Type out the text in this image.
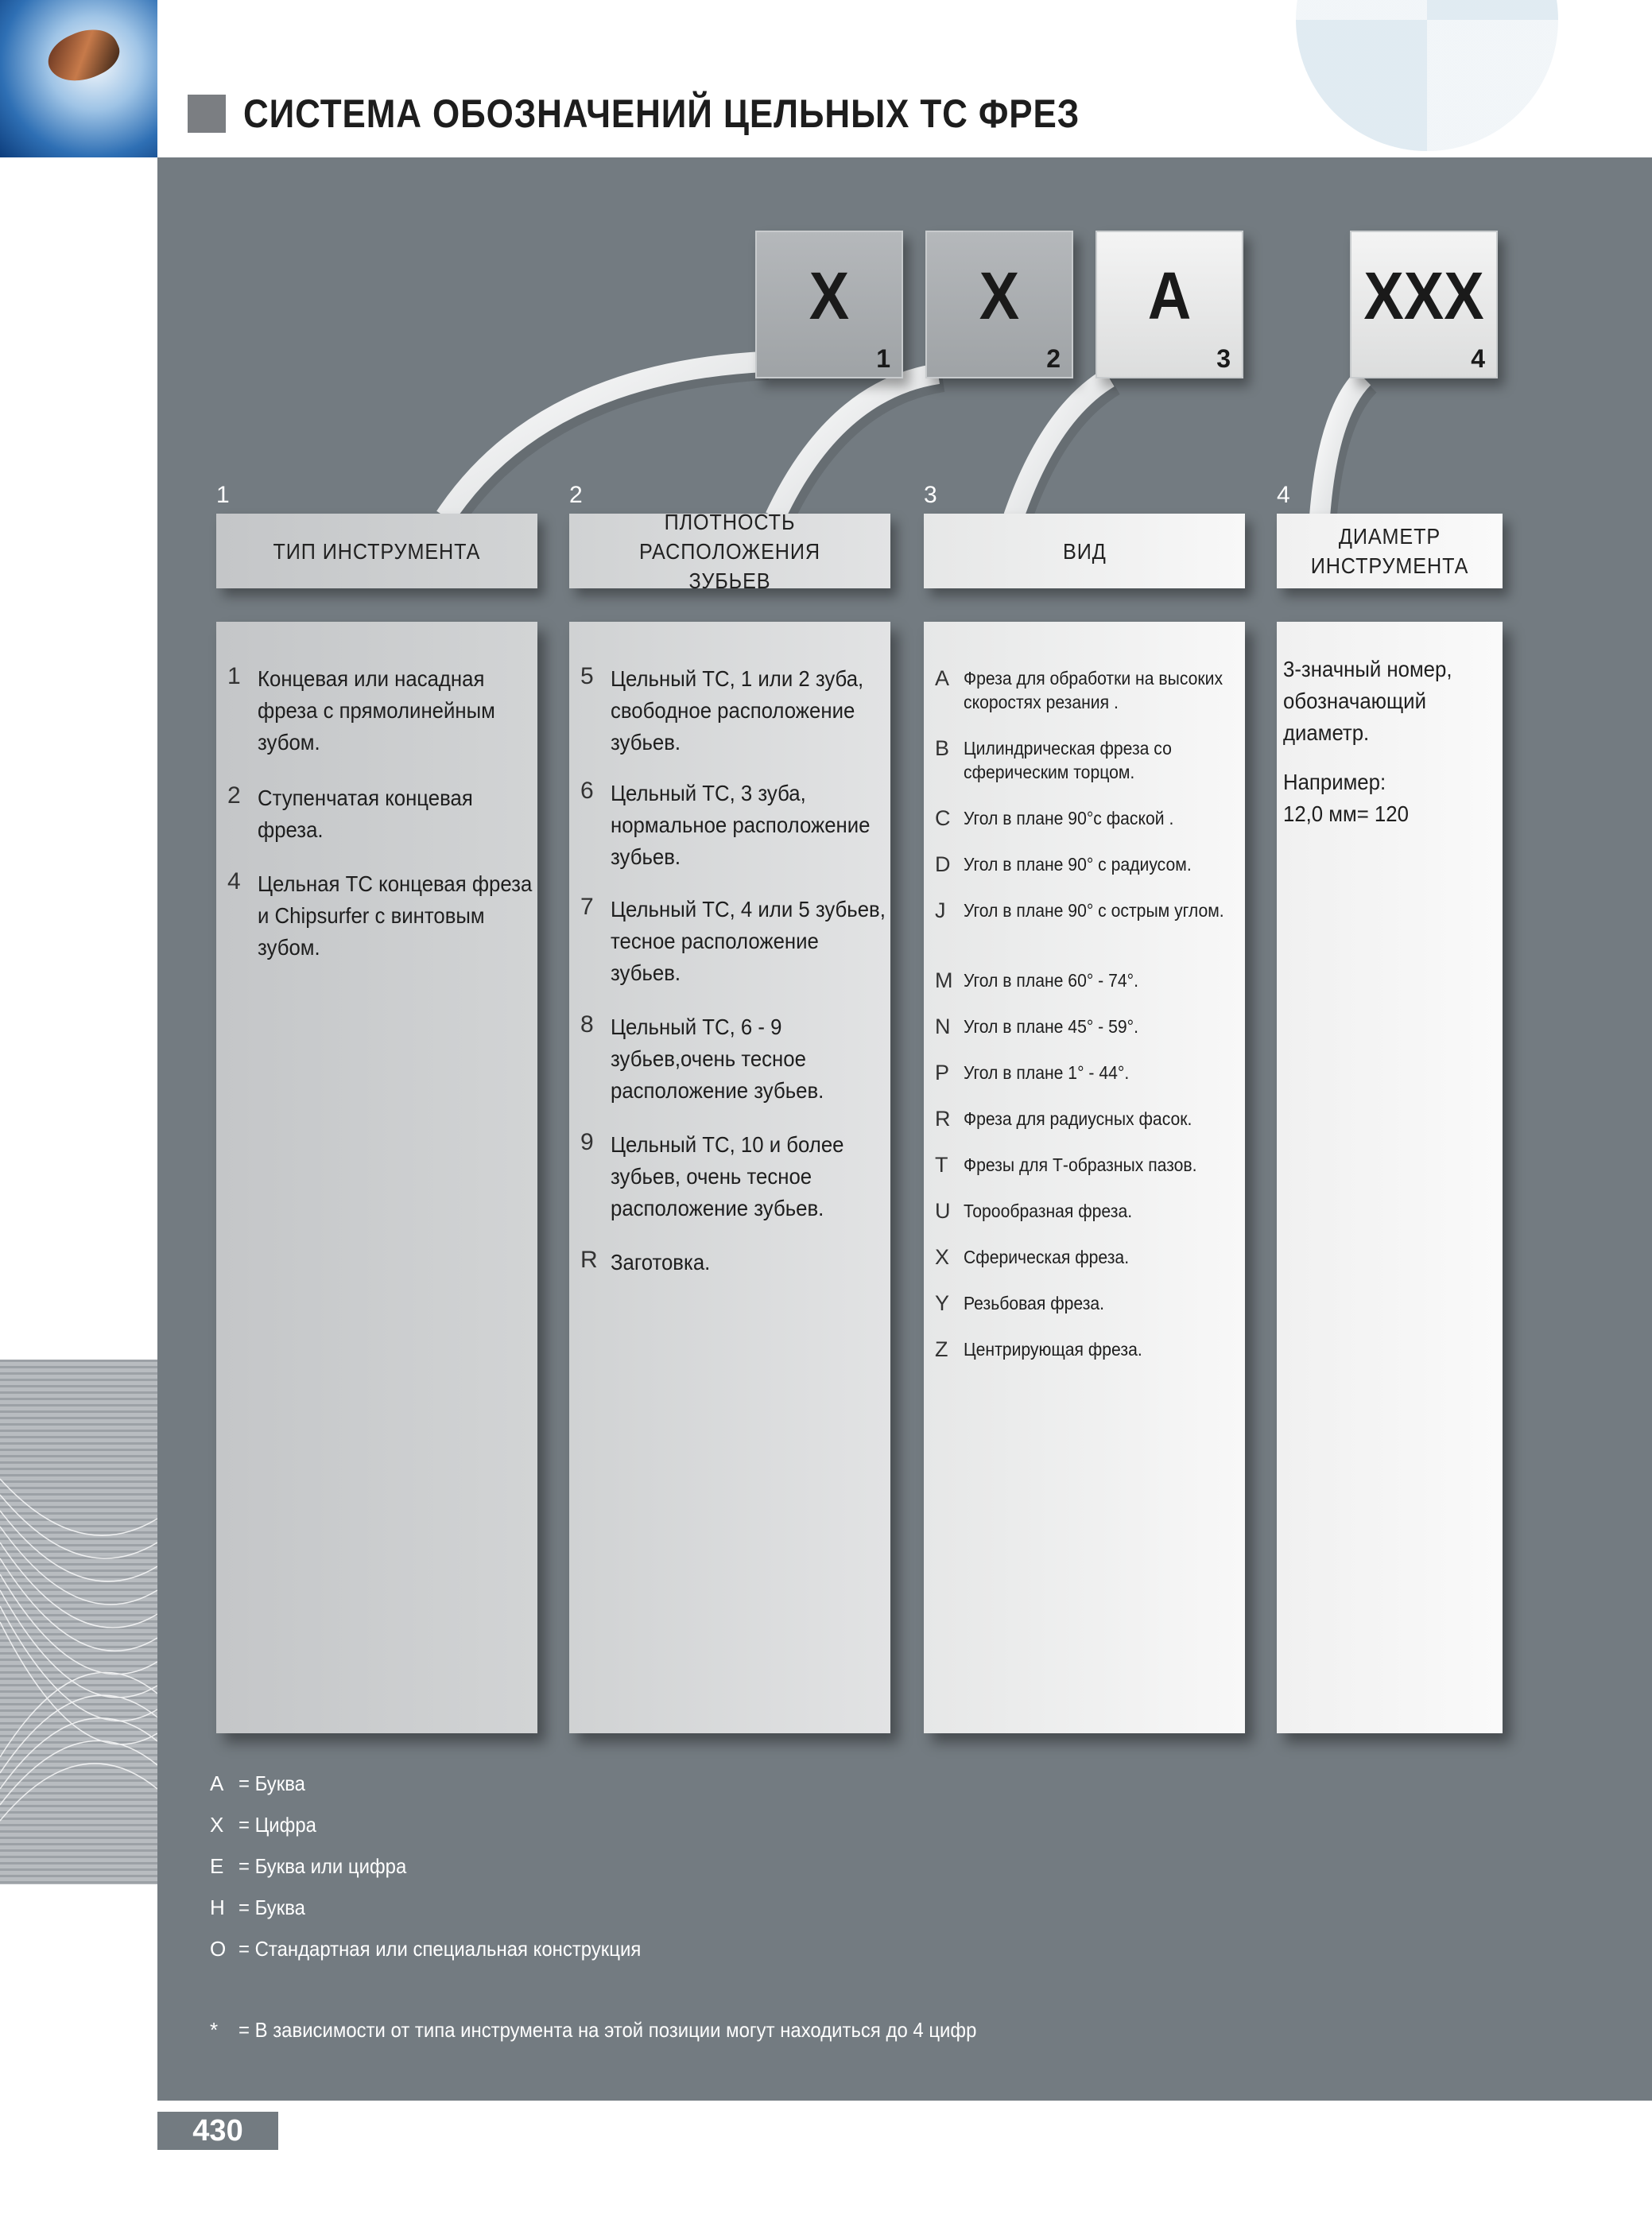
СИСТЕМА ОБОЗНАЧЕНИЙ ЦЕЛЬНЫХ ТС ФРЕЗ
X
1
X
2
A
3
XXX
4
1	2	3	4
ТИП ИНСТРУМЕНТА
ПЛОТНОСТЬ РАСПОЛОЖЕНИЯ ЗУБЬЕВ
ВИД
ДИАМЕТР ИНСТРУМЕНТА
1 Концевая или насадная фреза с прямолинейным зубом.
2 Ступенчатая концевая фреза.
4 Цельная ТС концевая фреза и Chipsurfer с винтовым зубом.
5 Цельный ТС, 1 или 2 зуба, свободное расположение зубьев.
6 Цельный ТС, 3 зуба, нормальное расположение зубьев.
7 Цельный ТС, 4 или 5 зубьев, тесное расположение зубьев.
8 Цельный ТС, 6 - 9 зубьев,очень тесное расположение зубьев.
9 Цельный ТС, 10 и более зубьев, очень тесное расположение зубьев.
R Заготовка.
A Фреза для обработки на высоких скоростях резания .
B Цилиндрическая фреза со сферическим торцом.
C Угол в плане 90°с фаской .
D Угол в плане 90° с радиусом.
J Угол в плане 90° с острым углом.
M Угол в плане 60° - 74°.
N Угол в плане 45° - 59°.
P Угол в плане 1° - 44°.
R Фреза для радиусных фасок.
T Фрезы для Т-образных пазов.
U Торообразная фреза.
X Сферическая фреза.
Y Резьбовая фреза.
Z Центрирующая фреза.
3-значный номер, обозначающий диаметр.
Например:
12,0 мм= 120
A = Буква
X = Цифра
E = Буква или цифра
H = Буква
O = Стандартная или специальная конструкция
* = В зависимости от типа инструмента на этой позиции могут находиться до 4 цифр
430
